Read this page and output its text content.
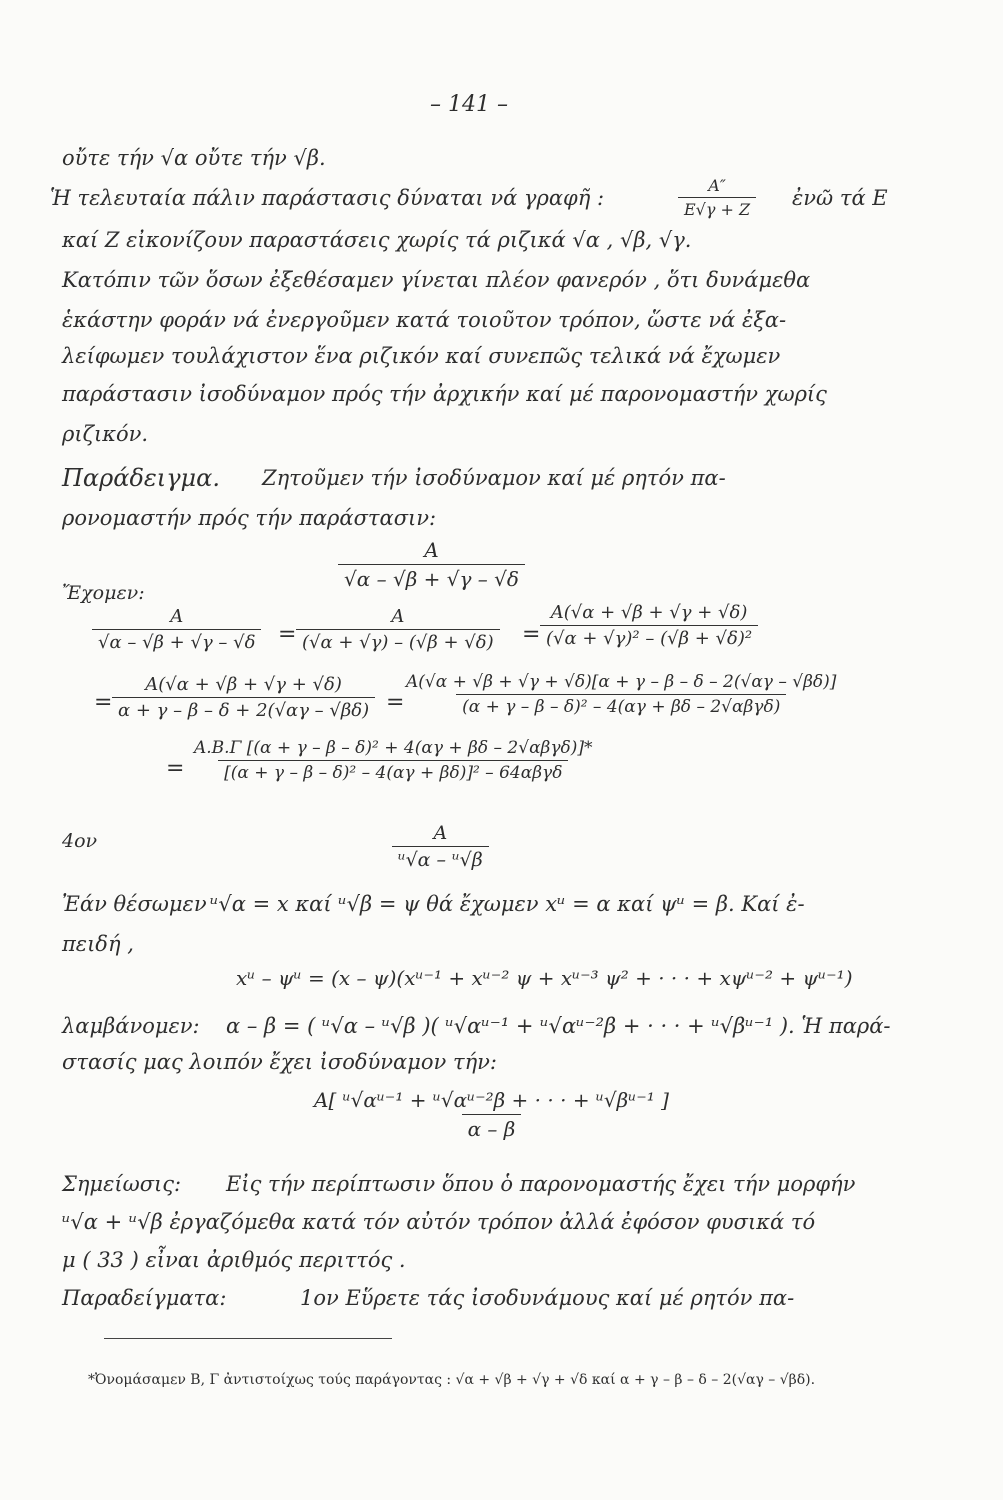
– 141 –
οὔτε τήν √α οὔτε τήν √β.
Ἡ τελευταία πάλιν παράστασις δύναται νά γραφῆ :	$\frac{A''}{E√\gamma + Z}$ ἐνῶ τά Ε
καί Ζ εἰκονίζουν παραστάσεις χωρίς τά ριζικά √α , √β, √γ.
Κατόπιν τῶν ὅσων ἐξεθέσαμεν γίνεται πλέον φανερόν , ὅτι δυνάμεθα
ἑκάστην φοράν νά ἐνεργοῦμεν κατά τοιοῦτον τρόπον, ὥστε νά ἐξα-
λείφωμεν τουλάχιστον ἕνα ριζικόν καί συνεπῶς τελικά νά ἔχωμεν
παράστασιν ἰσοδύναμον πρός τήν ἀρχικήν καί μέ παρονομαστήν χωρίς
ριζικόν.
Παράδειγμα. Ζητοῦμεν τήν ἰσοδύναμον καί μέ ρητόν πα-
ρονομαστήν πρός τήν παράστασιν:
$\frac{A}{√\alpha - √\beta + √\gamma - √\delta}$
Ἔχομεν:
$\frac{A}{√\alpha - √\beta + √\gamma - √\delta} = \frac{A}{(√\alpha + √\gamma) - (√\beta + √\delta)} = \frac{A(√\alpha + √\beta + √\gamma + √\delta)}{\text{(√α + √γ)² – (√β + √δ)²}}$
= $\frac{A(√\alpha + √\beta + √\gamma + √\delta)}{\alpha + \gamma - \beta - \delta + 2(√\alpha\gamma - √\beta\delta)}$ =
Α(√α + √β + √γ + √δ)[α + γ – β – δ – 2(√αγ – √βδ)]
(α + γ – β – δ)² – 4(αγ + βδ – 2√αβγδ)
=
Α.Β.Γ [(α + γ – β – δ)² + 4(αγ + βδ – 2√αβγδ)]*
[(α + γ – β – δ)² – 4(αγ + βδ)]² – 64αβγδ
4ον	$\frac{A}{\text{ᵘ√α – ᵘ√β}}$
Ἐάν θέσωμεν ᵘ√α = x καί ᵘ√β = ψ θά ἔχωμεν xᵘ = α καί ψᵘ = β. Καί ἐ-
πειδή ,
xᵘ – ψᵘ = (x – ψ)(xᵘ⁻¹ + xᵘ⁻² ψ + xᵘ⁻³ ψ² + · · · + xψᵘ⁻² + ψᵘ⁻¹)
λαμβάνομεν: α – β = ( ᵘ√α – ᵘ√β )( ᵘ√αᵘ⁻¹ + ᵘ√αᵘ⁻²β + · · · + ᵘ√βᵘ⁻¹ ). Ἡ παρά-
στασίς μας λοιπόν ἔχει ἰσοδύναμον τήν:
$\frac{\text{Α[ ᵘ√αᵘ⁻¹ + ᵘ√αᵘ⁻²β + · · · + ᵘ√βᵘ⁻¹ ]}}{\alpha - \beta}$
Σημείωσις: Εἰς τήν περίπτωσιν ὅπου ὁ παρονομαστής ἔχει τήν μορφήν
ᵘ√α + ᵘ√β ἐργαζόμεθα κατά τόν αὐτόν τρόπον ἀλλά ἐφόσον φυσικά τό
μ ( 33 ) εἶναι ἀριθμός περιττός .
Παραδείγματα:	1ον Εὕρετε τάς ἰσοδυνάμους καί μέ ρητόν πα-
*Ὀνομάσαμεν Β, Γ ἀντιστοίχως τούς παράγοντας : √α + √β + √γ + √δ καί α + γ – β – δ – 2(√αγ – √βδ).
